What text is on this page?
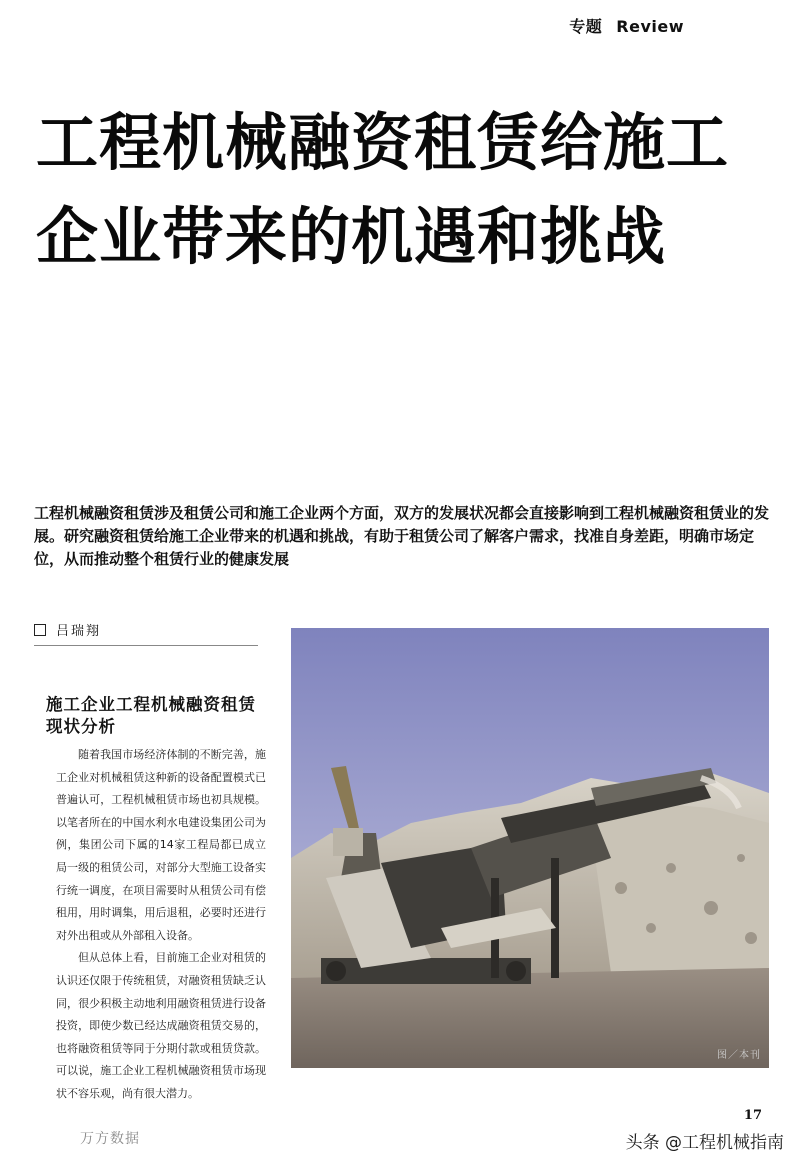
专题 Review
工程机械融资租赁给施工
企业带来的机遇和挑战
工程机械融资租赁涉及租赁公司和施工企业两个方面，双方的发展状况都会直接影响到工程机械融资租赁业的发展。研究融资租赁给施工企业带来的机遇和挑战，有助于租赁公司了解客户需求，找准自身差距，明确市场定位，从而推动整个租赁行业的健康发展
吕瑞翔
施工企业工程机械融资租赁现状分析

随着我国市场经济体制的不断完善，施工企业对机械租赁这种新的设备配置模式已普遍认可，工程机械租赁市场也初具规模。以笔者所在的中国水利水电建设集团公司为例，集团公司下属的14家工程局都已成立局一级的租赁公司，对部分大型施工设备实行统一调度，在项目需要时从租赁公司有偿租用，用时调集，用后退租，必要时还进行对外出租或从外部租入设备。

但从总体上看，目前施工企业对租赁的认识还仅限于传统租赁，对融资租赁缺乏认同，很少积极主动地利用融资租赁进行设备投资，即使少数已经达成融资租赁交易的，也将融资租赁等同于分期付款或租赁贷款。可以说，施工企业工程机械融资租赁市场现状不容乐观，尚有很大潜力。

图／本刊
17
万方数据	头条 @工程机械指南
